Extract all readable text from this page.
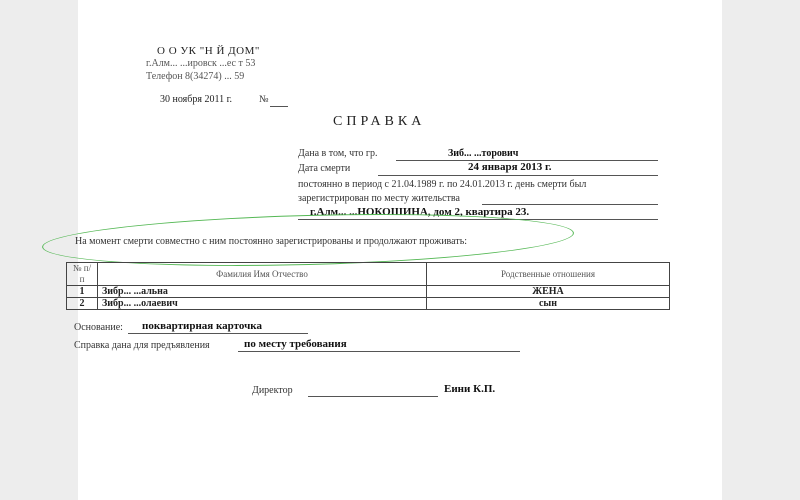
О О УК "Н Й ДОМ"
г.Алм... ...ировск ...ес т 53
Телефон 8(34274) ... 59
30 ноября 2011 г.	№
СПРАВКА
Дана в том, что гр.	Зиб... ...торович
Дата смерти	24 января 2013 г.
постоянно в период с 21.04.1989 г. по 24.01.2013 г. день смерти был
зарегистрирован по месту жительства
г.Алм... ...НОКОШИНА, дом 2, квартира 23.
На момент смерти совместно с ним постоянно зарегистрированы и продолжают проживать:
№ п/п	Фамилия Имя Отчество	Родственные отношения
1	Зибр... ...альна	ЖЕНА
2	Зибр... ...олаевич	сын
Основание: поквартирная карточка
Справка дана для предъявления	по месту требования
Директор	Еини К.П.
